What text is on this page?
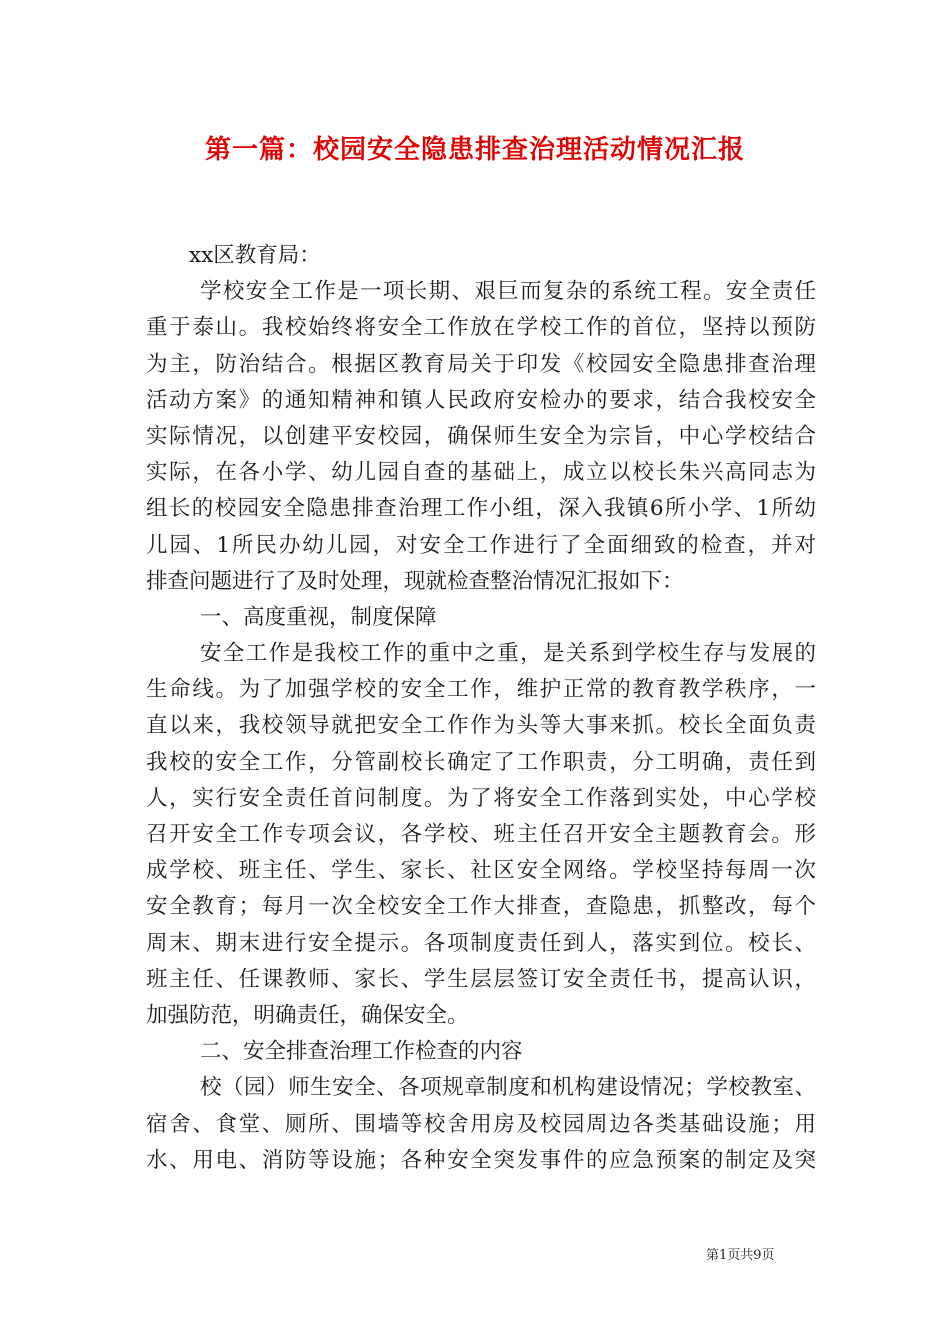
第一篇：校园安全隐患排查治理活动情况汇报
xx区教育局：
学校安全工作是一项长期、艰巨而复杂的系统工程。安全责任
重于泰山。我校始终将安全工作放在学校工作的首位，坚持以预防
为主，防治结合。根据区教育局关于印发《校园安全隐患排查治理
活动方案》的通知精神和镇人民政府安检办的要求，结合我校安全
实际情况，以创建平安校园，确保师生安全为宗旨，中心学校结合
实际，在各小学、幼儿园自查的基础上，成立以校长朱兴高同志为
组长的校园安全隐患排查治理工作小组，深入我镇6所小学、1所幼
儿园、1所民办幼儿园，对安全工作进行了全面细致的检查，并对
排查问题进行了及时处理，现就检查整治情况汇报如下：
一、高度重视，制度保障
安全工作是我校工作的重中之重，是关系到学校生存与发展的
生命线。为了加强学校的安全工作，维护正常的教育教学秩序，一
直以来，我校领导就把安全工作作为头等大事来抓。校长全面负责
我校的安全工作，分管副校长确定了工作职责，分工明确，责任到
人，实行安全责任首问制度。为了将安全工作落到实处，中心学校
召开安全工作专项会议，各学校、班主任召开安全主题教育会。形
成学校、班主任、学生、家长、社区安全网络。学校坚持每周一次
安全教育；每月一次全校安全工作大排查，查隐患，抓整改，每个
周末、期末进行安全提示。各项制度责任到人，落实到位。校长、
班主任、任课教师、家长、学生层层签订安全责任书，提高认识，
加强防范，明确责任，确保安全。
二、安全排查治理工作检查的内容
校（园）师生安全、各项规章制度和机构建设情况；学校教室、
宿舍、食堂、厕所、围墙等校舍用房及校园周边各类基础设施；用
水、用电、消防等设施；各种安全突发事件的应急预案的制定及突
第1页共9页
